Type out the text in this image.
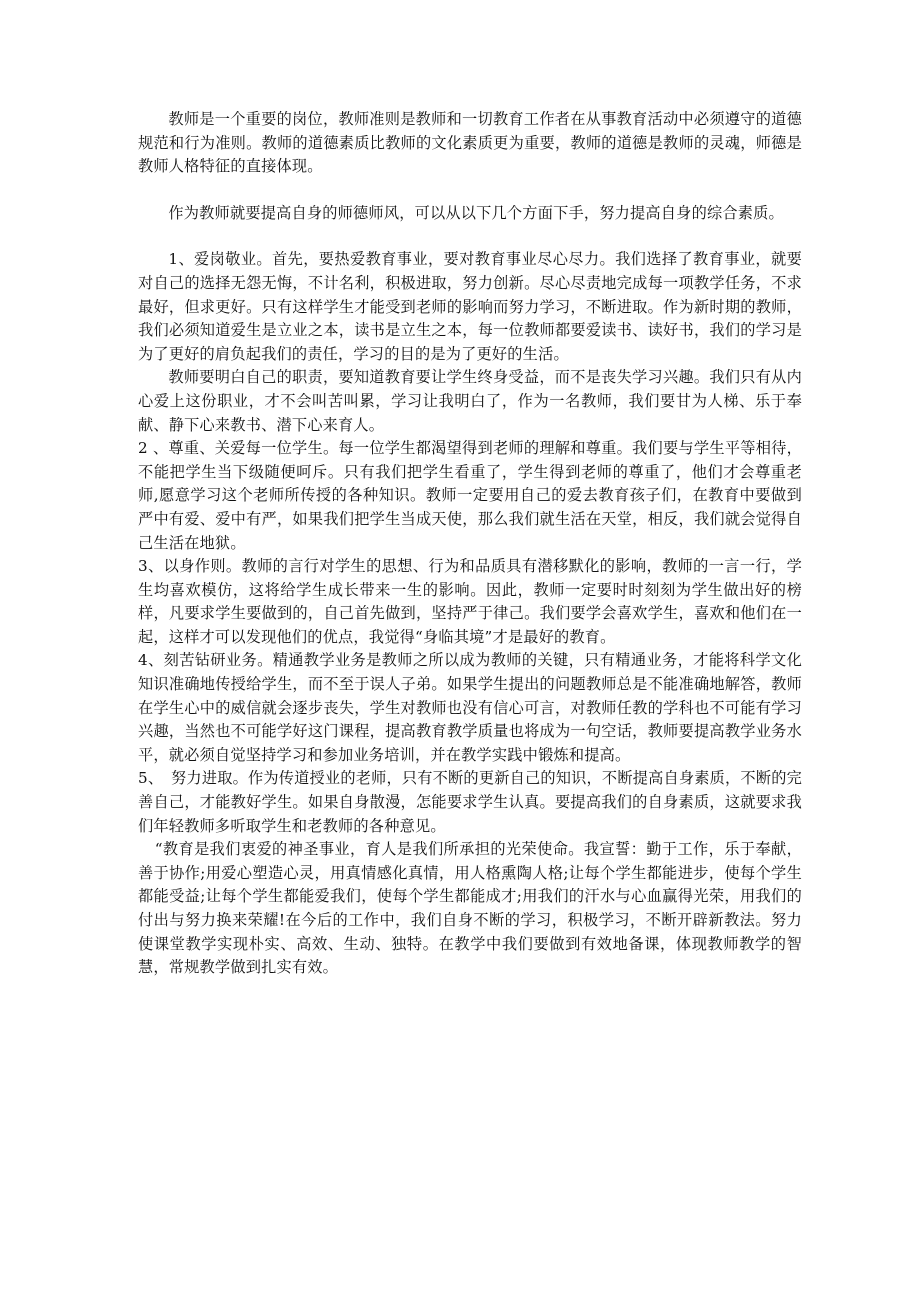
教师是一个重要的岗位，教师准则是教师和一切教育工作者在从事教育活动中必须遵守的道德规范和行为准则。教师的道德素质比教师的文化素质更为重要，教师的道德是教师的灵魂，师德是教师人格特征的直接体现。

作为教师就要提高自身的师德师风，可以从以下几个方面下手，努力提高自身的综合素质。

1、爱岗敬业。首先，要热爱教育事业，要对教育事业尽心尽力。我们选择了教育事业，就要对自己的选择无怨无悔，不计名利，积极进取，努力创新。尽心尽责地完成每一项教学任务，不求最好，但求更好。只有这样学生才能受到老师的影响而努力学习，不断进取。作为新时期的教师，我们必须知道爱生是立业之本，读书是立生之本，每一位教师都要爱读书、读好书，我们的学习是为了更好的肩负起我们的责任，学习的目的是为了更好的生活。

教师要明白自己的职责，要知道教育要让学生终身受益，而不是丧失学习兴趣。我们只有从内心爱上这份职业，才不会叫苦叫累，学习让我明白了，作为一名教师，我们要甘为人梯、乐于奉献、静下心来教书、潜下心来育人。

2 、尊重、关爱每一位学生。每一位学生都渴望得到老师的理解和尊重。我们要与学生平等相待，不能把学生当下级随便呵斥。只有我们把学生看重了，学生得到老师的尊重了，他们才会尊重老师,愿意学习这个老师所传授的各种知识。教师一定要用自己的爱去教育孩子们，在教育中要做到严中有爱、爱中有严，如果我们把学生当成天使，那么我们就生活在天堂，相反，我们就会觉得自己生活在地狱。

3、以身作则。教师的言行对学生的思想、行为和品质具有潜移默化的影响，教师的一言一行，学生均喜欢模仿，这将给学生成长带来一生的影响。因此，教师一定要时时刻刻为学生做出好的榜样，凡要求学生要做到的，自己首先做到，坚持严于律己。我们要学会喜欢学生，喜欢和他们在一起，这样才可以发现他们的优点，我觉得“身临其境”才是最好的教育。

4、刻苦钻研业务。精通教学业务是教师之所以成为教师的关键，只有精通业务，才能将科学文化知识准确地传授给学生，而不至于误人子弟。如果学生提出的问题教师总是不能准确地解答，教师在学生心中的威信就会逐步丧失，学生对教师也没有信心可言，对教师任教的学科也不可能有学习兴趣，当然也不可能学好这门课程，提高教育教学质量也将成为一句空话，教师要提高教学业务水平，就必须自觉坚持学习和参加业务培训，并在教学实践中锻炼和提高。

5、　努力进取。作为传道授业的老师，只有不断的更新自己的知识，不断提高自身素质，不断的完善自己，才能教好学生。如果自身散漫，怎能要求学生认真。要提高我们的自身素质，这就要求我们年轻教师多听取学生和老教师的各种意见。

“教育是我们衷爱的神圣事业，育人是我们所承担的光荣使命。我宣誓：勤于工作，乐于奉献，善于协作;用爱心塑造心灵，用真情感化真情，用人格熏陶人格;让每个学生都能进步，使每个学生都能受益;让每个学生都能爱我们，使每个学生都能成才;用我们的汗水与心血赢得光荣，用我们的付出与努力换来荣耀!在今后的工作中，我们自身不断的学习，积极学习，不断开辟新教法。努力使课堂教学实现朴实、高效、生动、独特。在教学中我们要做到有效地备课，体现教师教学的智慧，常规教学做到扎实有效。
